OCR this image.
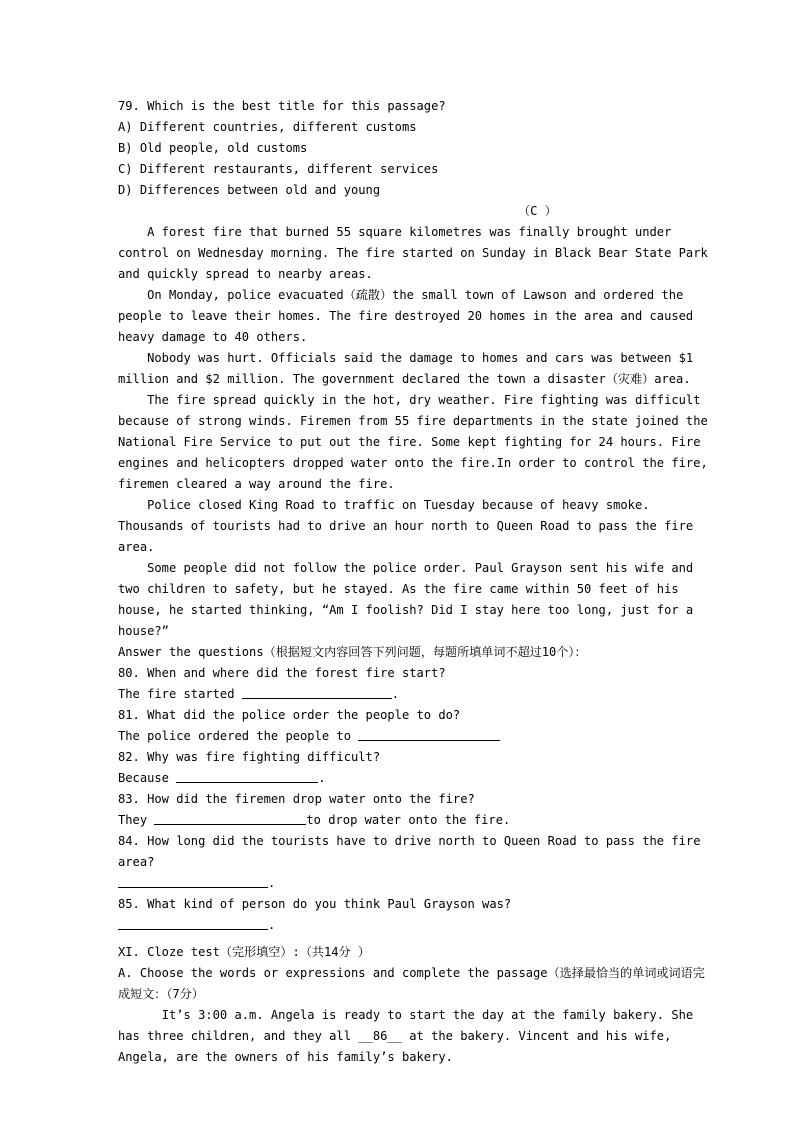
79. Which is the best title for this passage?
A) Different countries, different customs
B) Old people, old customs
C) Different restaurants, different services
D) Differences between old and young
（C ）
A forest fire that burned 55 square kilometres was finally brought under control on Wednesday morning. The fire started on Sunday in Black Bear State Park and quickly spread to nearby areas.
On Monday, police evacuated（疏散）the small town of Lawson and ordered the people to leave their homes. The fire destroyed 20 homes in the area and caused heavy damage to 40 others.
Nobody was hurt. Officials said the damage to homes and cars was between $1 million and $2 million. The government declared the town a disaster（灾难）area.
The fire spread quickly in the hot, dry weather. Fire fighting was difficult because of strong winds. Firemen from 55 fire departments in the state joined the National Fire Service to put out the fire. Some kept fighting for 24 hours. Fire engines and helicopters dropped water onto the fire.In order to control the fire, firemen cleared a way around the fire.
Police closed King Road to traffic on Tuesday because of heavy smoke. Thousands of tourists had to drive an hour north to Queen Road to pass the fire area.
Some people did not follow the police order. Paul Grayson sent his wife and two children to safety, but he stayed. As the fire came within 50 feet of his house, he started thinking, “Am I foolish? Did I stay here too long, just for a house?”
Answer the questions（根据短文内容回答下列问题，每题所填单词不超过10个）：
80. When and where did the forest fire start?
The fire started	.
81. What did the police order the people to do?
The police ordered the people to
82. Why was fire fighting difficult?
Because	.
83. How did the firemen drop water onto the fire?
They	to drop water onto the fire.
84. How long did the tourists have to drive north to Queen Road to pass the fire area?
.
85. What kind of person do you think Paul Grayson was?
.
XI. Cloze test（完形填空）:（共14分 ）
A. Choose the words or expressions and complete the passage（选择最恰当的单词或词语完成短文：（7分）
It’s 3:00 a.m. Angela is ready to start the day at the family bakery. She has three children, and they all __86__ at the bakery. Vincent and his wife, Angela, are the owners of his family’s bakery.
